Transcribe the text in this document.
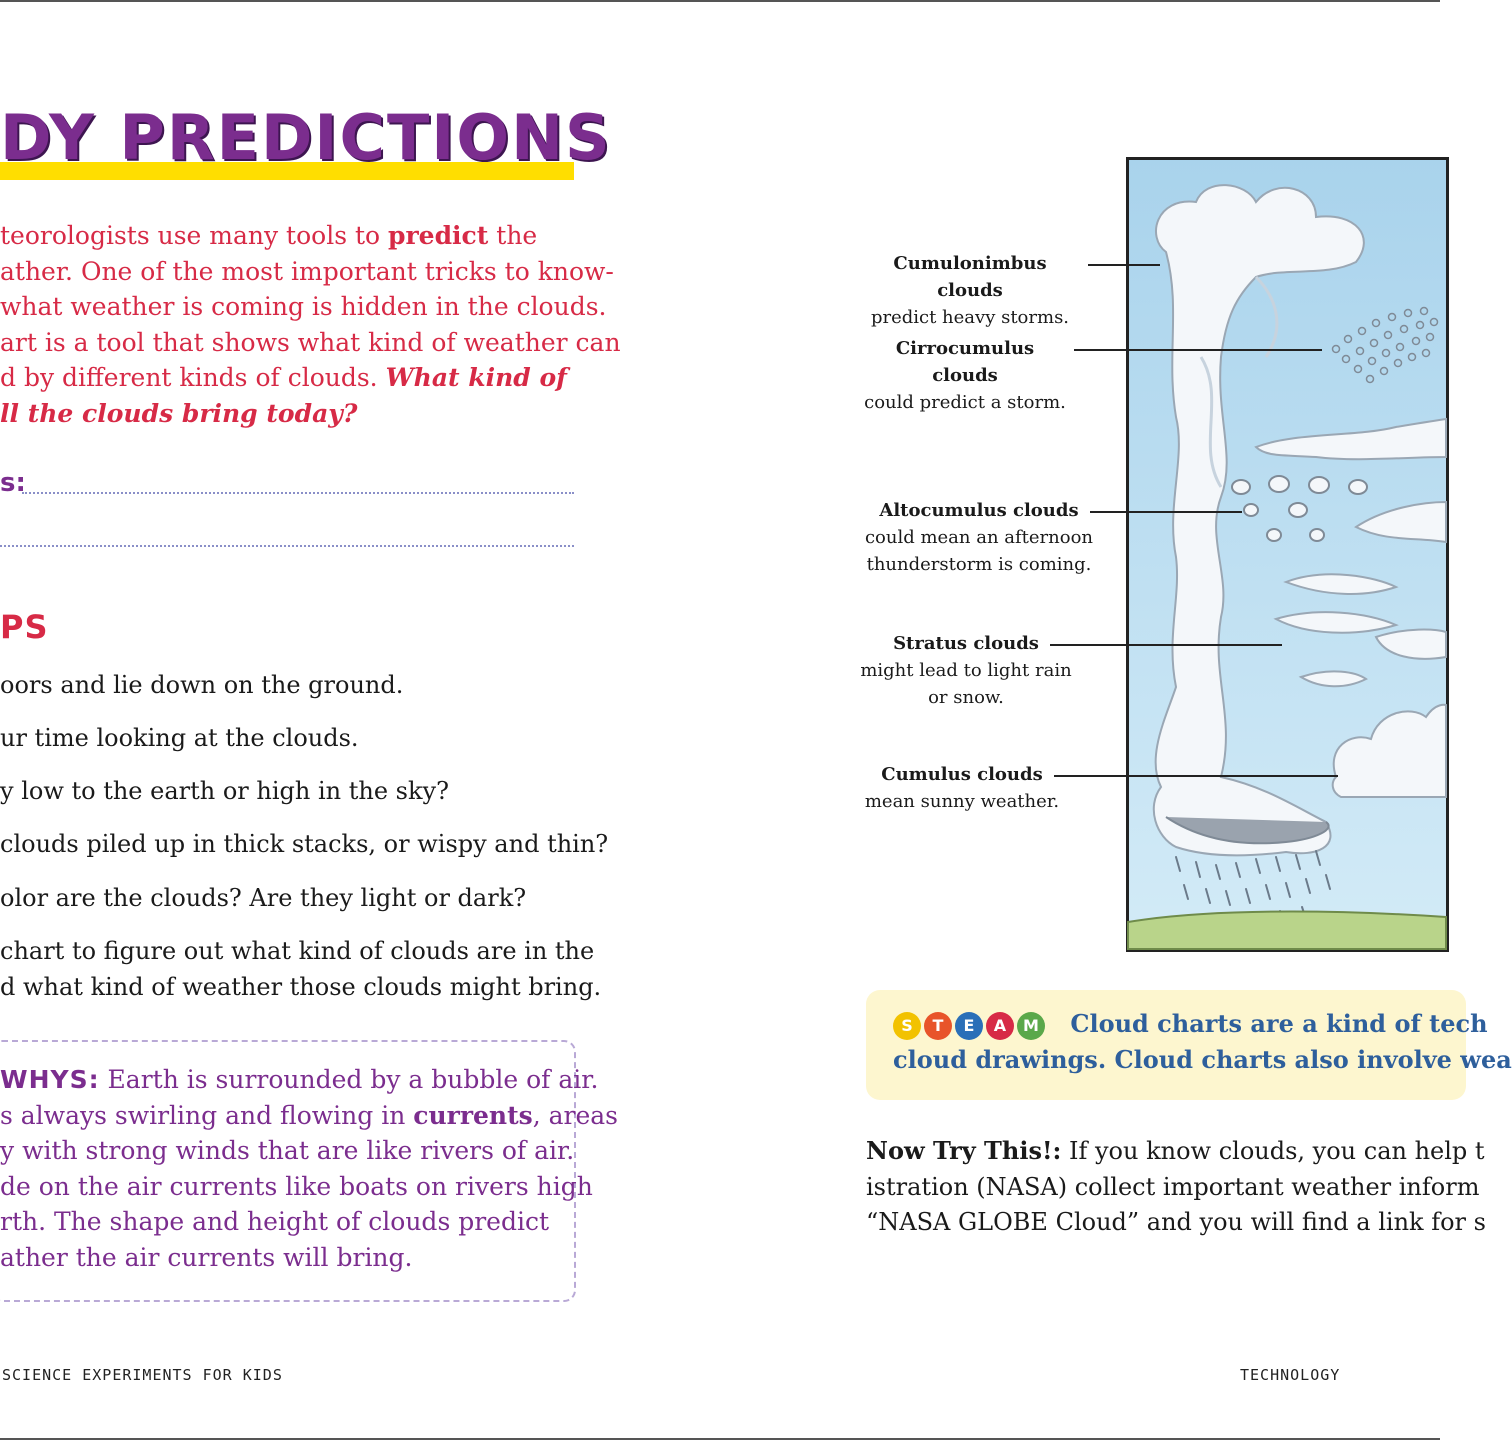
DY PREDICTIONS
teorologists use many tools to predict the
ather. One of the most important tricks to know-
what weather is coming is hidden in the clouds.
art is a tool that shows what kind of weather can
d by different kinds of clouds. What kind of
ll the clouds bring today?
s:
PS
oors and lie down on the ground.
ur time looking at the clouds.
y low to the earth or high in the sky?
clouds piled up in thick stacks, or wispy and thin?
olor are the clouds? Are they light or dark?
chart to figure out what kind of clouds are in the
d what kind of weather those clouds might bring.
WHYS: Earth is surrounded by a bubble of air.
s always swirling and flowing in currents, areas
y with strong winds that are like rivers of air.
de on the air currents like boats on rivers high
rth. The shape and height of clouds predict
ather the air currents will bring.
SCIENCE EXPERIMENTS FOR KIDS
Cumulonimbus clouds
predict heavy storms.
Cirrocumulus clouds
could predict a storm.
Altocumulus clouds
could mean an afternoon
thunderstorm is coming.
Stratus clouds
might lead to light rain
or snow.
Cumulus clouds
mean sunny weather.
S T E A M Cloud charts are a kind of tech
cloud drawings. Cloud charts also involve wea
Now Try This!: If you know clouds, you can help t
istration (NASA) collect important weather inform
“NASA GLOBE Cloud” and you will find a link for s
TECHNOLOGY
